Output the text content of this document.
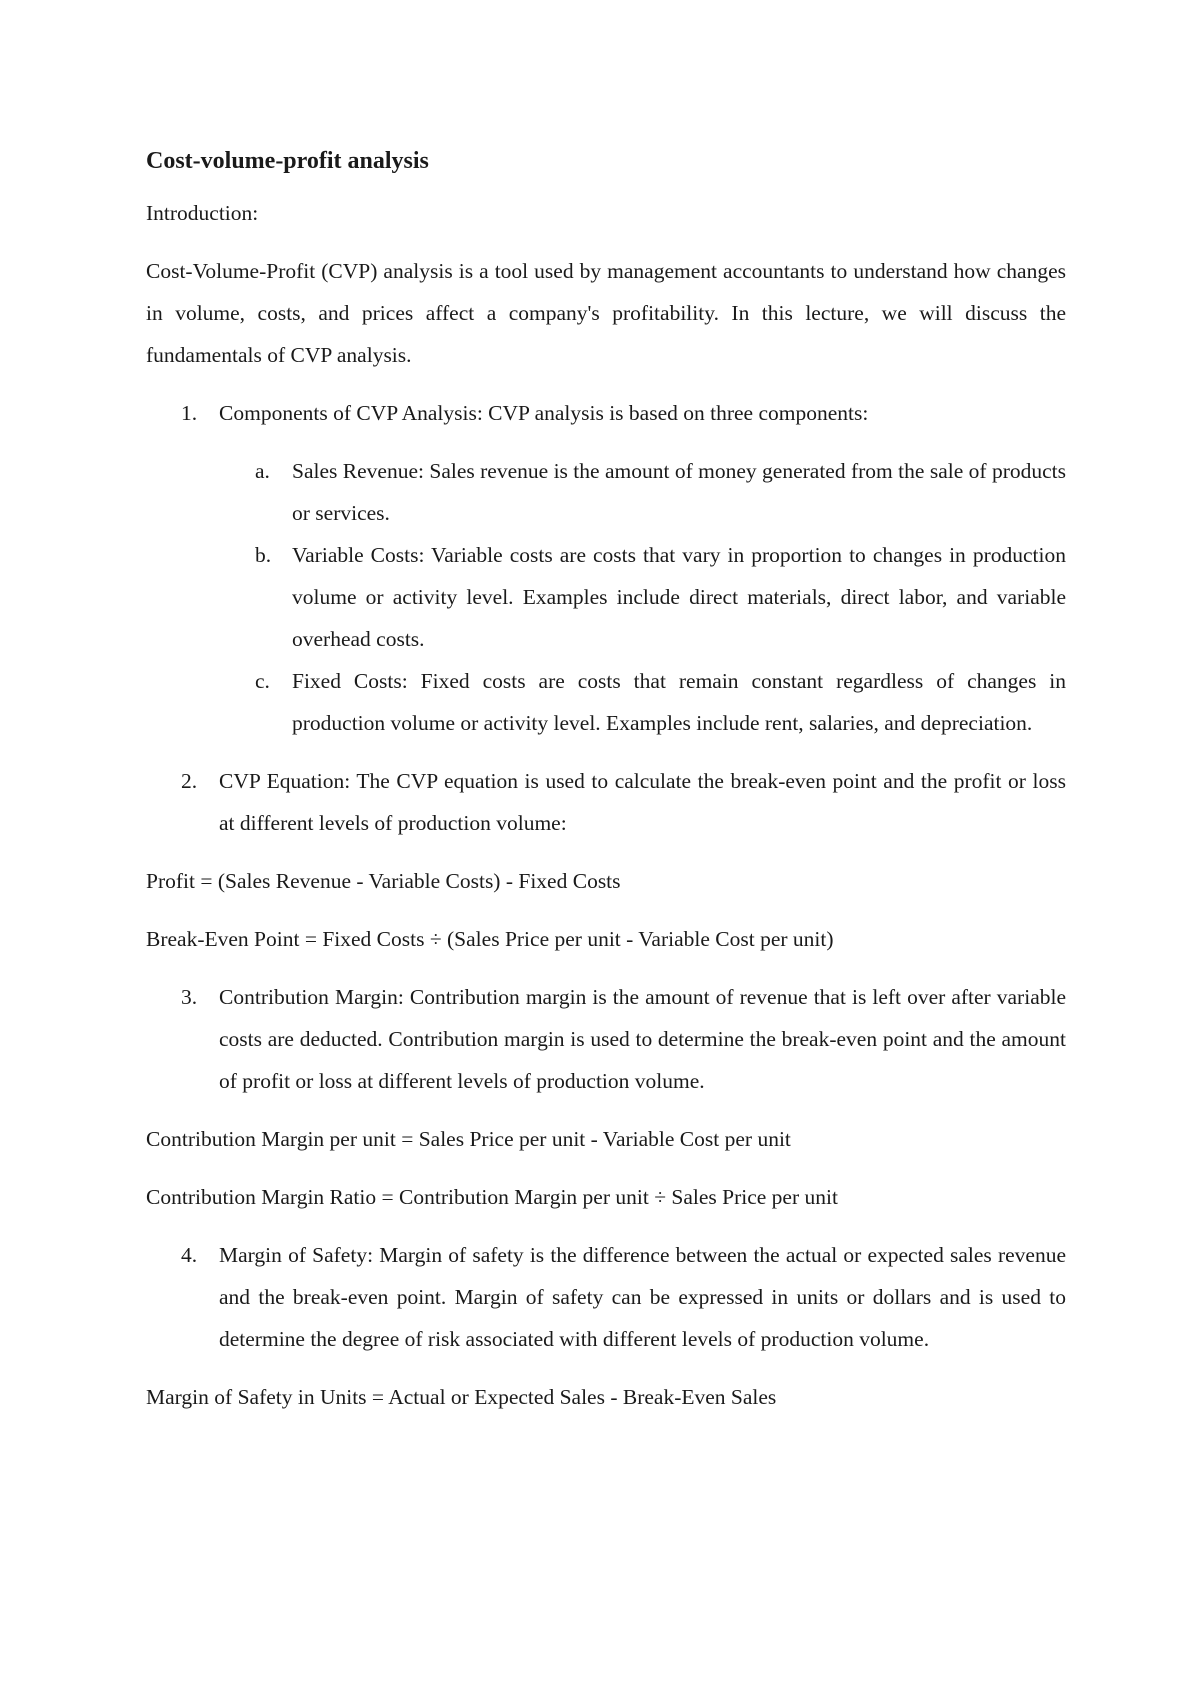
Cost-volume-profit analysis
Introduction:
Cost-Volume-Profit (CVP) analysis is a tool used by management accountants to understand how changes in volume, costs, and prices affect a company's profitability. In this lecture, we will discuss the fundamentals of CVP analysis.
1. Components of CVP Analysis: CVP analysis is based on three components:
a. Sales Revenue: Sales revenue is the amount of money generated from the sale of products or services.
b. Variable Costs: Variable costs are costs that vary in proportion to changes in production volume or activity level. Examples include direct materials, direct labor, and variable overhead costs.
c. Fixed Costs: Fixed costs are costs that remain constant regardless of changes in production volume or activity level. Examples include rent, salaries, and depreciation.
2. CVP Equation: The CVP equation is used to calculate the break-even point and the profit or loss at different levels of production volume:
Profit = (Sales Revenue - Variable Costs) - Fixed Costs
Break-Even Point = Fixed Costs ÷ (Sales Price per unit - Variable Cost per unit)
3. Contribution Margin: Contribution margin is the amount of revenue that is left over after variable costs are deducted. Contribution margin is used to determine the break-even point and the amount of profit or loss at different levels of production volume.
Contribution Margin per unit = Sales Price per unit - Variable Cost per unit
Contribution Margin Ratio = Contribution Margin per unit ÷ Sales Price per unit
4. Margin of Safety: Margin of safety is the difference between the actual or expected sales revenue and the break-even point. Margin of safety can be expressed in units or dollars and is used to determine the degree of risk associated with different levels of production volume.
Margin of Safety in Units = Actual or Expected Sales - Break-Even Sales
